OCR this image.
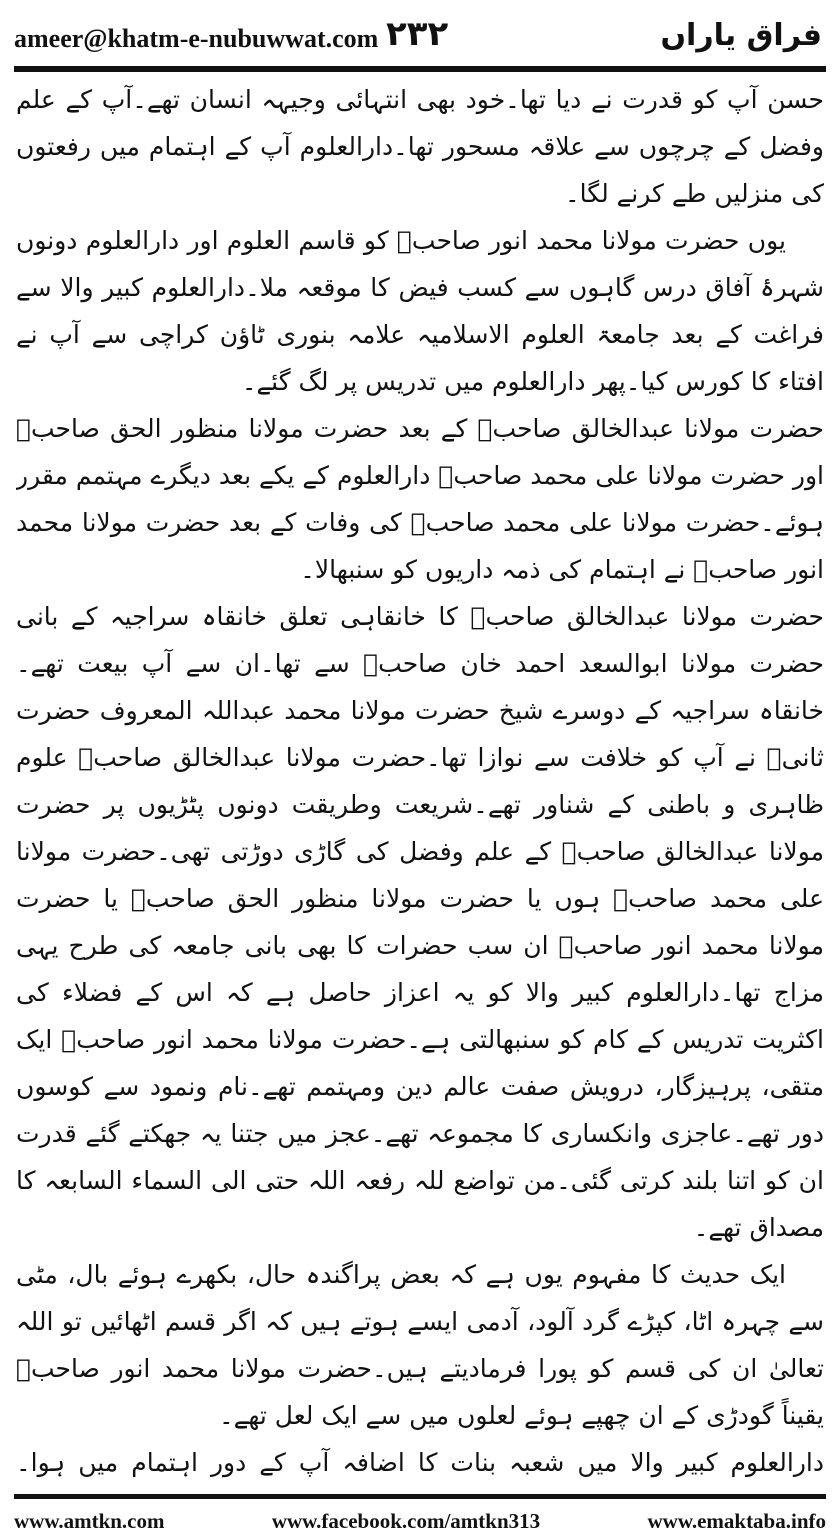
ameer@khatm-e-nubuwwat.com ۲۳۲	فراق یاراں

حسن آپ کو قدرت نے دیا تھا۔خود بھی انتہائی وجیہہ انسان تھے۔آپ کے علم وفضل کے چرچوں سے علاقہ مسحور تھا۔دارالعلوم آپ کے اہتمام میں رفعتوں کی منزلیں طے کرنے لگا۔

یوں حضرت مولانا محمد انور صاحبؒ کو قاسم العلوم اور دارالعلوم دونوں شہرۂ آفاق درس گاہوں سے کسب فیض کا موقعہ ملا۔دارالعلوم کبیر والا سے فراغت کے بعد جامعۃ العلوم الاسلامیہ علامہ بنوری ٹاؤن کراچی سے آپ نے افتاء کا کورس کیا۔پھر دارالعلوم میں تدریس پر لگ گئے۔

حضرت مولانا عبدالخالق صاحبؒ کے بعد حضرت مولانا منظور الحق صاحبؒ اور حضرت مولانا علی محمد صاحبؒ دارالعلوم کے یکے بعد دیگرے مہتمم مقرر ہوئے۔حضرت مولانا علی محمد صاحبؒ کی وفات کے بعد حضرت مولانا محمد انور صاحبؒ نے اہتمام کی ذمہ داریوں کو سنبھالا۔

حضرت مولانا عبدالخالق صاحبؒ کا خانقاہی تعلق خانقاہ سراجیہ کے بانی حضرت مولانا ابوالسعد احمد خان صاحبؒ سے تھا۔ان سے آپ بیعت تھے۔خانقاہ سراجیہ کے دوسرے شیخ حضرت مولانا محمد عبداللہ المعروف حضرت ثانیؒ نے آپ کو خلافت سے نوازا تھا۔حضرت مولانا عبدالخالق صاحبؒ علوم ظاہری و باطنی کے شناور تھے۔شریعت وطریقت دونوں پٹڑیوں پر حضرت مولانا عبدالخالق صاحبؒ کے علم وفضل کی گاڑی دوڑتی تھی۔حضرت مولانا علی محمد صاحبؒ ہوں یا حضرت مولانا منظور الحق صاحبؒ یا حضرت مولانا محمد انور صاحبؒ ان سب حضرات کا بھی بانی جامعہ کی طرح یہی مزاج تھا۔دارالعلوم کبیر والا کو یہ اعزاز حاصل ہے کہ اس کے فضلاء کی اکثریت تدریس کے کام کو سنبھالتی ہے۔حضرت مولانا محمد انور صاحبؒ ایک متقی، پرہیزگار، درویش صفت عالم دین ومہتمم تھے۔نام ونمود سے کوسوں دور تھے۔عاجزی وانکساری کا مجموعہ تھے۔عجز میں جتنا یہ جھکتے گئے قدرت ان کو اتنا بلند کرتی گئی۔من تواضع للہ رفعہ اللہ حتی الی السماء السابعہ کا مصداق تھے۔

ایک حدیث کا مفہوم یوں ہے کہ بعض پراگندہ حال، بکھرے ہوئے بال، مٹی سے چہرہ اٹا، کپڑے گرد آلود، آدمی ایسے ہوتے ہیں کہ اگر قسم اٹھائیں تو اللہ تعالیٰ ان کی قسم کو پورا فرمادیتے ہیں۔حضرت مولانا محمد انور صاحبؒ یقیناً گودڑی کے ان چھپے ہوئے لعلوں میں سے ایک لعل تھے۔

دارالعلوم کبیر والا میں شعبہ بنات کا اضافہ آپ کے دور اہتمام میں ہوا۔

www.amtkn.com	www.facebook.com/amtkn313	www.emaktaba.info
